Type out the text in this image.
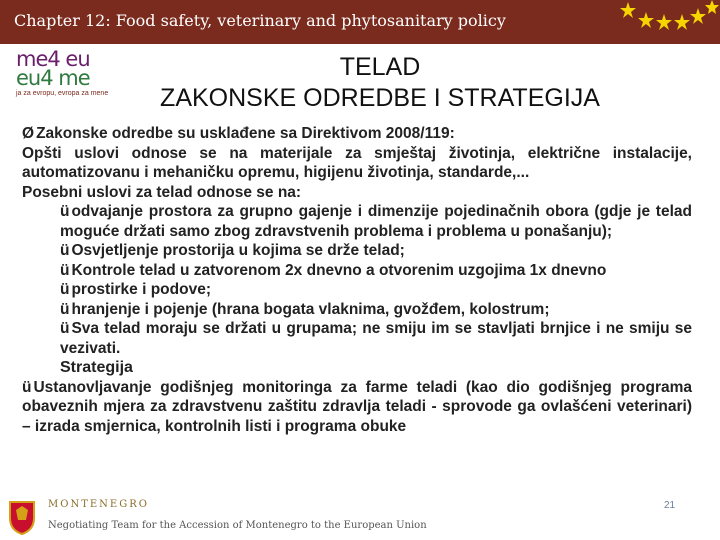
Chapter 12: Food safety, veterinary and phytosanitary policy
me4 eu
eu4 me
ja za evropu, evropa za mene
TELAD
ZAKONSKE ODREDBE I STRATEGIJA

Ø Zakonske odredbe su usklađene sa Direktivom 2008/119:

Opšti uslovi odnose se na materijale za smještaj životinja, električne instalacije, automatizovanu i mehaničku opremu, higijenu životinja, standarde,...

Posebni uslovi za telad odnose se na:

ü odvajanje prostora za grupno gajenje i dimenzije pojedinačnih obora (gdje je telad moguće držati samo zbog zdravstvenih problema i problema u ponašanju);

ü Osvjetljenje prostorija u kojima se drže telad;

ü Kontrole telad u zatvorenom 2x dnevno a otvorenim uzgojima 1x dnevno

ü prostirke i podove;

ü hranjenje i pojenje (hrana bogata vlaknima, gvožđem, kolostrum;

ü Sva telad moraju se držati u grupama; ne smiju im se stavljati brnjice i ne smiju se vezivati.

Strategija

ü Ustanovljavanje godišnjeg monitoringa za farme teladi (kao dio godišnjeg programa obaveznih mjera za zdravstvenu zaštitu zdravlja teladi - sprovode ga ovlašćeni veterinari) – izrada smjernica, kontrolnih listi i programa obuke

MONTENEGRO
Negotiating Team for the Accession of Montenegro to the European Union
21
